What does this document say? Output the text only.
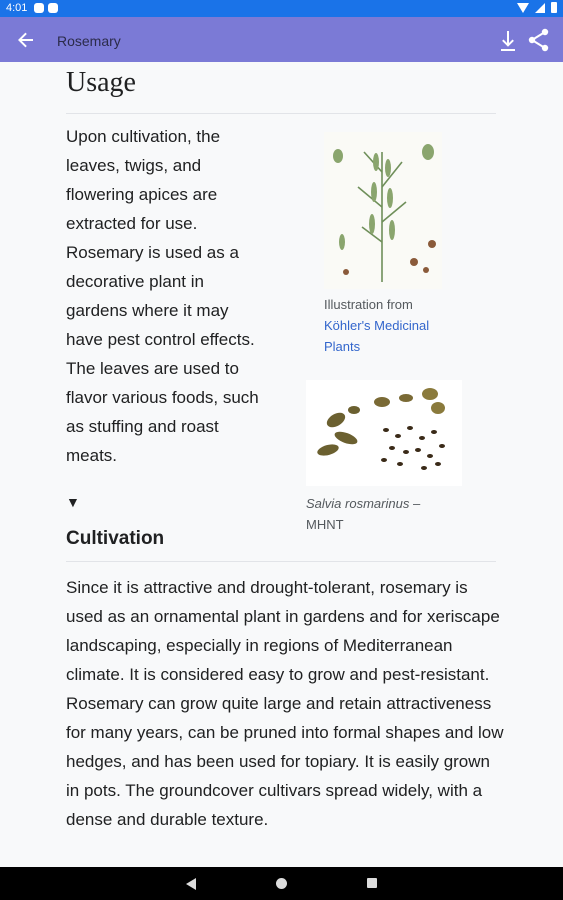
4:01
Rosemary
Usage

Upon cultivation, the leaves, twigs, and flowering apices are extracted for use. Rosemary is used as a decorative plant in gardens where it may have pest control effects. The leaves are used to flavor various foods, such as stuffing and roast meats.

Illustration from
Köhler's Medicinal Plants
Salvia rosmarinus – MHNT
▼
Cultivation

Since it is attractive and drought-tolerant, rosemary is used as an ornamental plant in gardens and for xeriscape landscaping, especially in regions of Mediterranean climate. It is considered easy to grow and pest-resistant. Rosemary can grow quite large and retain attractiveness for many years, can be pruned into formal shapes and low hedges, and has been used for topiary. It is easily grown in pots. The groundcover cultivars spread widely, with a dense and durable texture.
